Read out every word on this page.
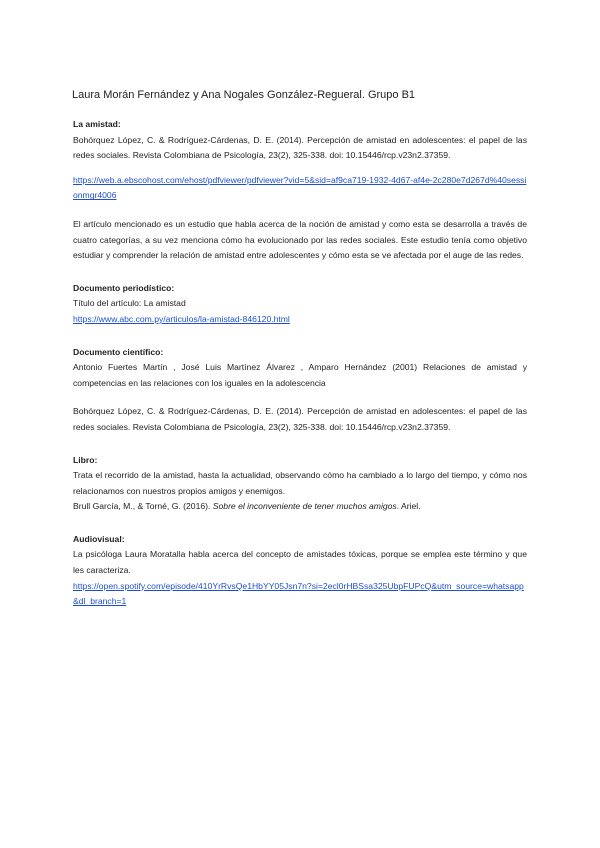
Laura Morán Fernández y Ana Nogales González-Regueral. Grupo B1

La amistad:

Bohórquez López, C. & Rodríguez-Cárdenas, D. E. (2014). Percepción de amistad en adolescentes: el papel de las redes sociales. Revista Colombiana de Psicología, 23(2), 325-338. doi: 10.15446/rcp.v23n2.37359.

https://web.a.ebscohost.com/ehost/pdfviewer/pdfviewer?vid=5&sid=af9ca719-1932-4d67-af4e-2c280e7d267d%40sessionmgr4006

El artículo mencionado es un estudio que habla acerca de la noción de amistad y como esta se desarrolla a través de cuatro categorías, a su vez menciona cómo ha evolucionado por las redes sociales. Este estudio tenía como objetivo estudiar y comprender la relación de amistad entre adolescentes y cómo esta se ve afectada por el auge de las redes.

Documento periodístico:

Título del artículo: La amistad

https://www.abc.com.py/articulos/la-amistad-846120.html

Documento científico:

Antonio Fuertes Martín , José Luis Martínez Álvarez , Amparo Hernández (2001) Relaciones de amistad y competencias en las relaciones con los iguales en la adolescencia

Bohórquez López, C. & Rodríguez-Cárdenas, D. E. (2014). Percepción de amistad en adolescentes: el papel de las redes sociales. Revista Colombiana de Psicología, 23(2), 325-338. doi: 10.15446/rcp.v23n2.37359.

Libro:

Trata el recorrido de la amistad, hasta la actualidad, observando cómo ha cambiado a lo largo del tiempo, y cómo nos relacionamos con nuestros propios amigos y enemigos.

Brull García, M., & Torné, G. (2016). Sobre el inconveniente de tener muchos amigos. Ariel.

Audiovisual:

La psicóloga Laura Moratalla habla acerca del concepto de amistades tóxicas, porque se emplea este término y que les caracteriza.

https://open.spotify.com/episode/410YrRvsQe1HbYY05Jsn7n?si=2ecl0rHBSsa325UbpFUPcQ&utm_source=whatsapp&dl_branch=1
